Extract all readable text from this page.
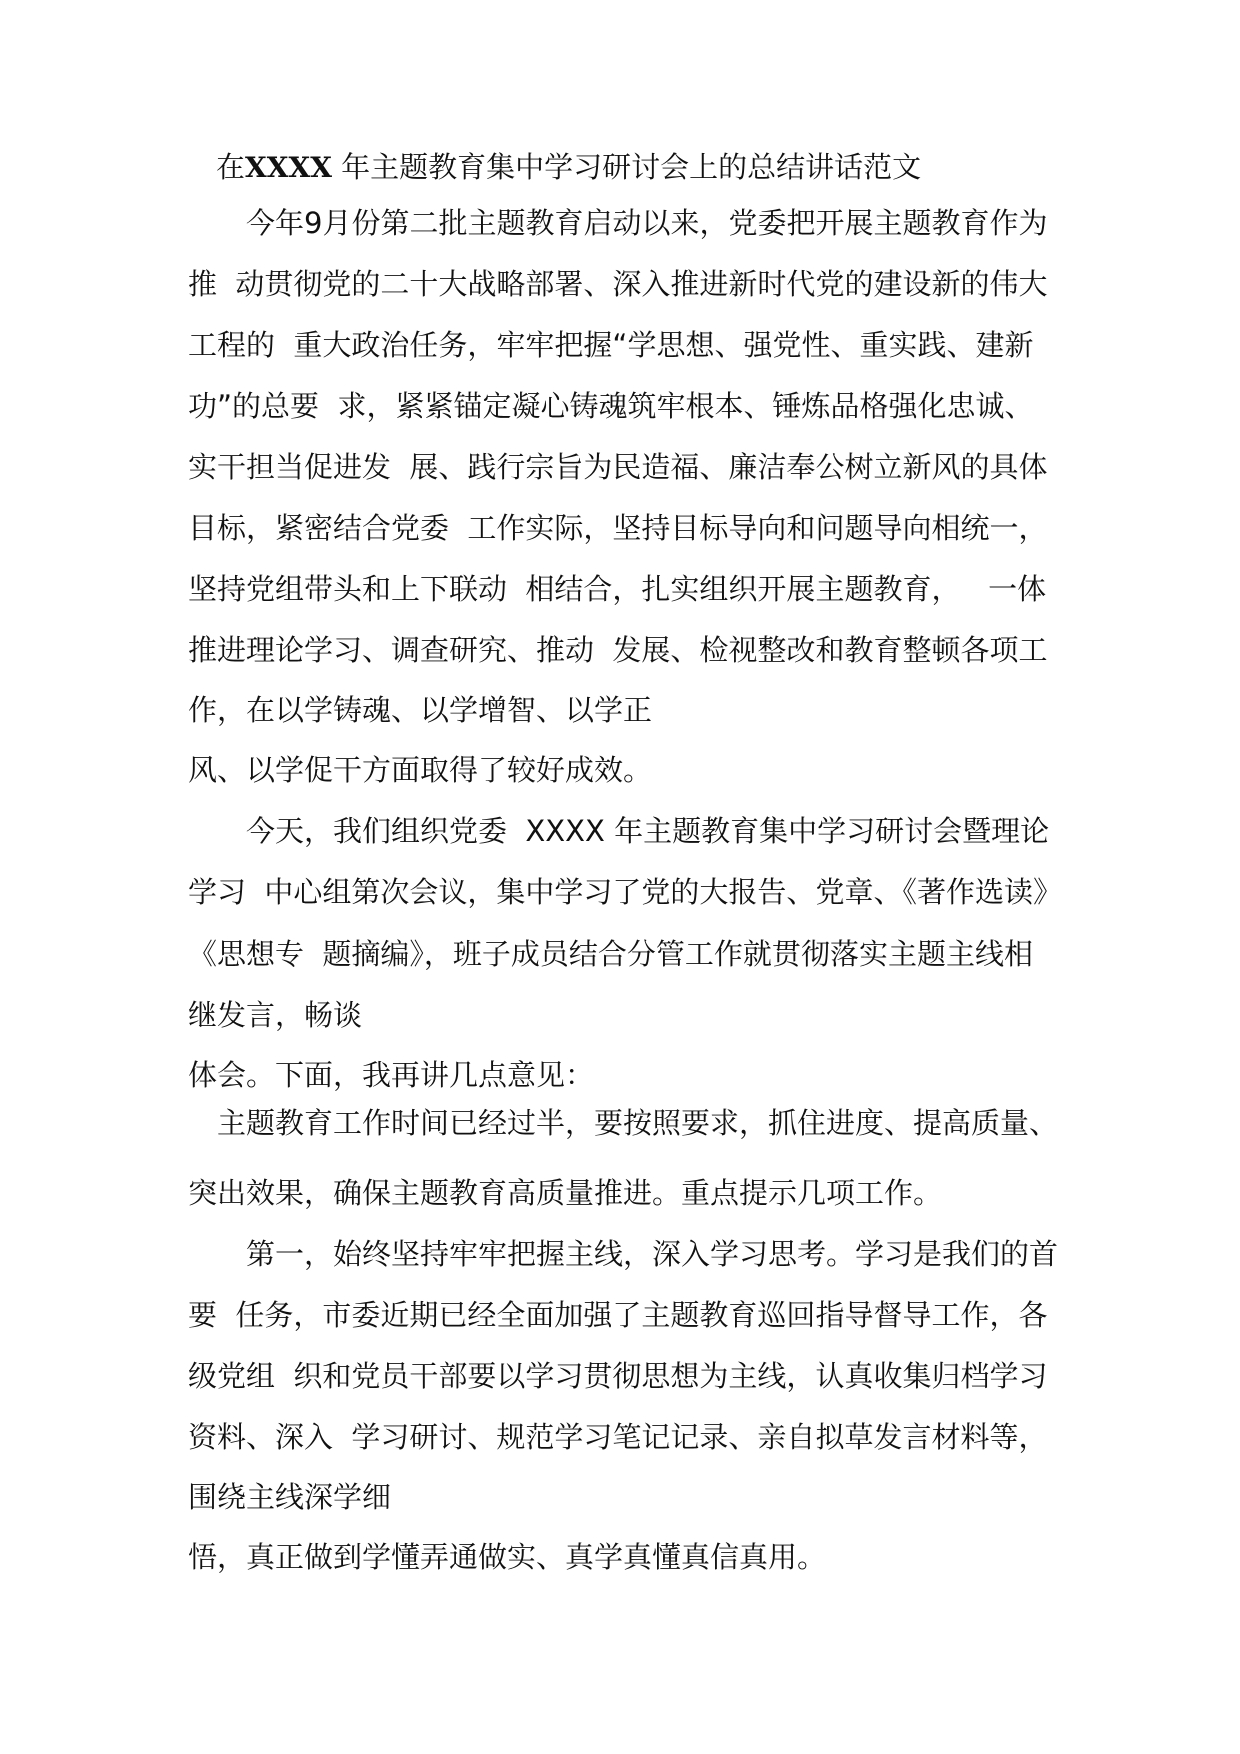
在XXXX 年主题教育集中学习研讨会上的总结讲话范文
　　今年9月份第二批主题教育启动以来，党委把开展主题教育作为
推  动贯彻党的二十大战略部署、深入推进新时代党的建设新的伟大
工程的  重大政治任务，牢牢把握“学思想、强党性、重实践、建新
功”的总要  求，紧紧锚定凝心铸魂筑牢根本、锤炼品格强化忠诚、
实干担当促进发  展、践行宗旨为民造福、廉洁奉公树立新风的具体
目标，紧密结合党委  工作实际，坚持目标导向和问题导向相统一，
坚持党组带头和上下联动  相结合，扎实组织开展主题教育，   一体
推进理论学习、调查研究、推动  发展、检视整改和教育整顿各项工
作，在以学铸魂、以学增智、以学正
风、以学促干方面取得了较好成效。
　　今天，我们组织党委  XXXX 年主题教育集中学习研讨会暨理论
学习  中心组第次会议，集中学习了党的大报告、党章、《著作选读》
《思想专  题摘编》，班子成员结合分管工作就贯彻落实主题主线相
继发言，畅谈
体会。下面，我再讲几点意见：
　主题教育工作时间已经过半，要按照要求，抓住进度、提高质量、
突出效果，确保主题教育高质量推进。重点提示几项工作。
　　第一，始终坚持牢牢把握主线，深入学习思考。学习是我们的首
要  任务，市委近期已经全面加强了主题教育巡回指导督导工作，各
级党组  织和党员干部要以学习贯彻思想为主线，认真收集归档学习
资料、深入  学习研讨、规范学习笔记记录、亲自拟草发言材料等，
围绕主线深学细
悟，真正做到学懂弄通做实、真学真懂真信真用。
